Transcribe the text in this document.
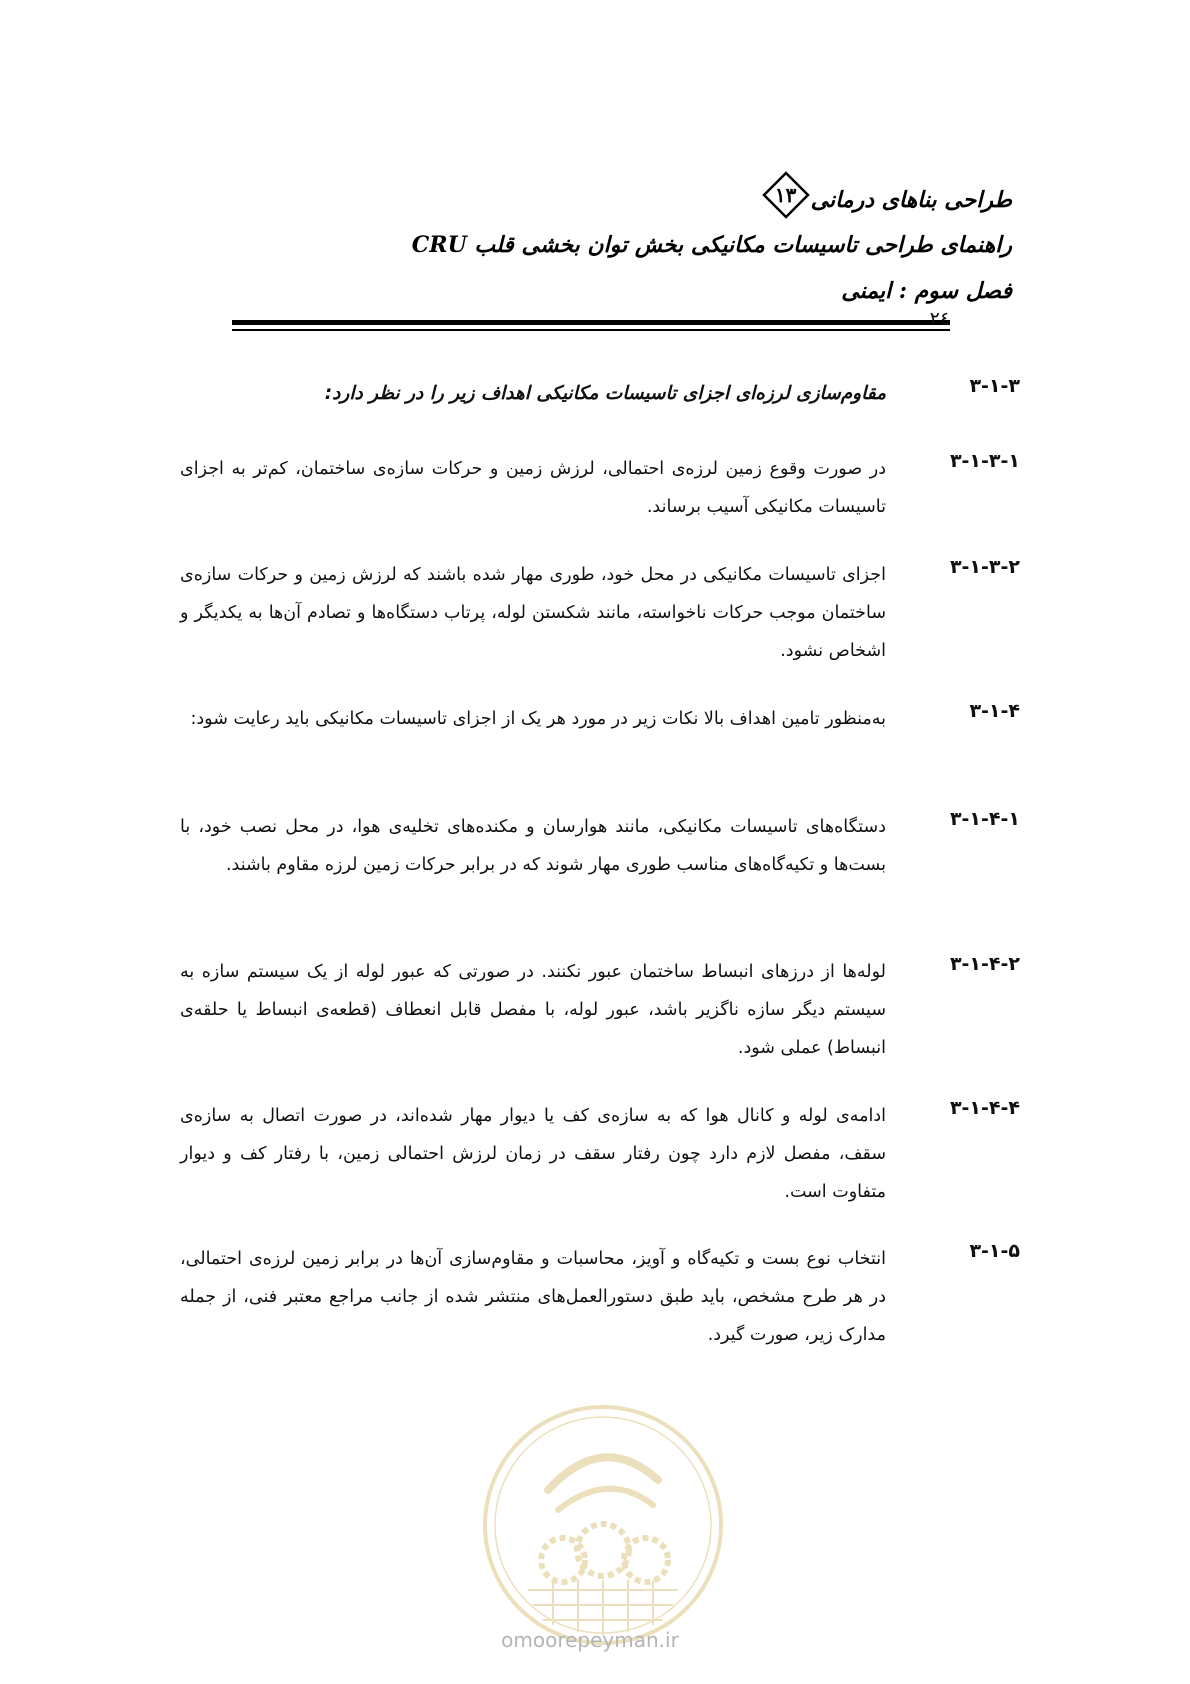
طراحی بناهای درمانی
۱۳
راهنمای طراحی تاسیسات مکانیکی بخش توان بخشی قلب CRU
فصل سوم : ایمنی
٢٤
۳-۱-۳
مقاوم‌سازی لرزه‌ای اجزای تاسیسات مکانیکی اهداف زیر را در نظر دارد:
۳-۱-۳-۱
در صورت وقوع زمین لرزه‌ی احتمالی، لرزش زمین و حرکات سازه‌ی ساختمان، کم‌تر به اجزای تاسیسات مکانیکی آسیب برساند.
۳-۱-۳-۲
اجزای تاسیسات مکانیکی در محل خود، طوری مهار شده باشند که لرزش زمین و حرکات سازه‌ی ساختمان موجب حرکات ناخواسته، مانند شکستن لوله، پرتاب دستگاه‌ها و تصادم آن‌ها به یکدیگر و اشخاص نشود.
۳-۱-۴
به‌منظور تامین اهداف بالا نکات زیر در مورد هر یک از اجزای تاسیسات مکانیکی باید رعایت شود:
۳-۱-۴-۱
دستگاه‌های تاسیسات مکانیکی، مانند هوارسان و مکنده‌های تخلیه‌ی هوا، در محل نصب خود، با بست‌ها و تکیه‌گاه‌های مناسب طوری مهار شوند که در برابر حرکات زمین لرزه مقاوم باشند.
۳-۱-۴-۲
لوله‌ها از درزهای انبساط ساختمان عبور نکنند. در صورتی که عبور لوله از یک سیستم سازه به سیستم دیگر سازه ناگزیر باشد، عبور لوله، با مفصل قابل انعطاف (قطعه‌ی انبساط یا حلقه‌ی انبساط) عملی شود.
۳-۱-۴-۴
ادامه‌ی لوله و کانال هوا که به سازه‌ی کف یا دیوار مهار شده‌اند، در صورت اتصال به سازه‌ی سقف، مفصل لازم دارد چون رفتار سقف در زمان لرزش احتمالی زمین، با رفتار کف و دیوار متفاوت است.
۳-۱-۵
انتخاب نوع بست و تکیه‌گاه و آویز، محاسبات و مقاوم‌سازی آن‌ها در برابر زمین لرزه‌ی احتمالی، در هر طرح مشخص، باید طبق دستورالعمل‌های منتشر شده از جانب مراجع معتبر فنی، از جمله مدارک زیر، صورت گیرد.
omoorepeyman.ir
